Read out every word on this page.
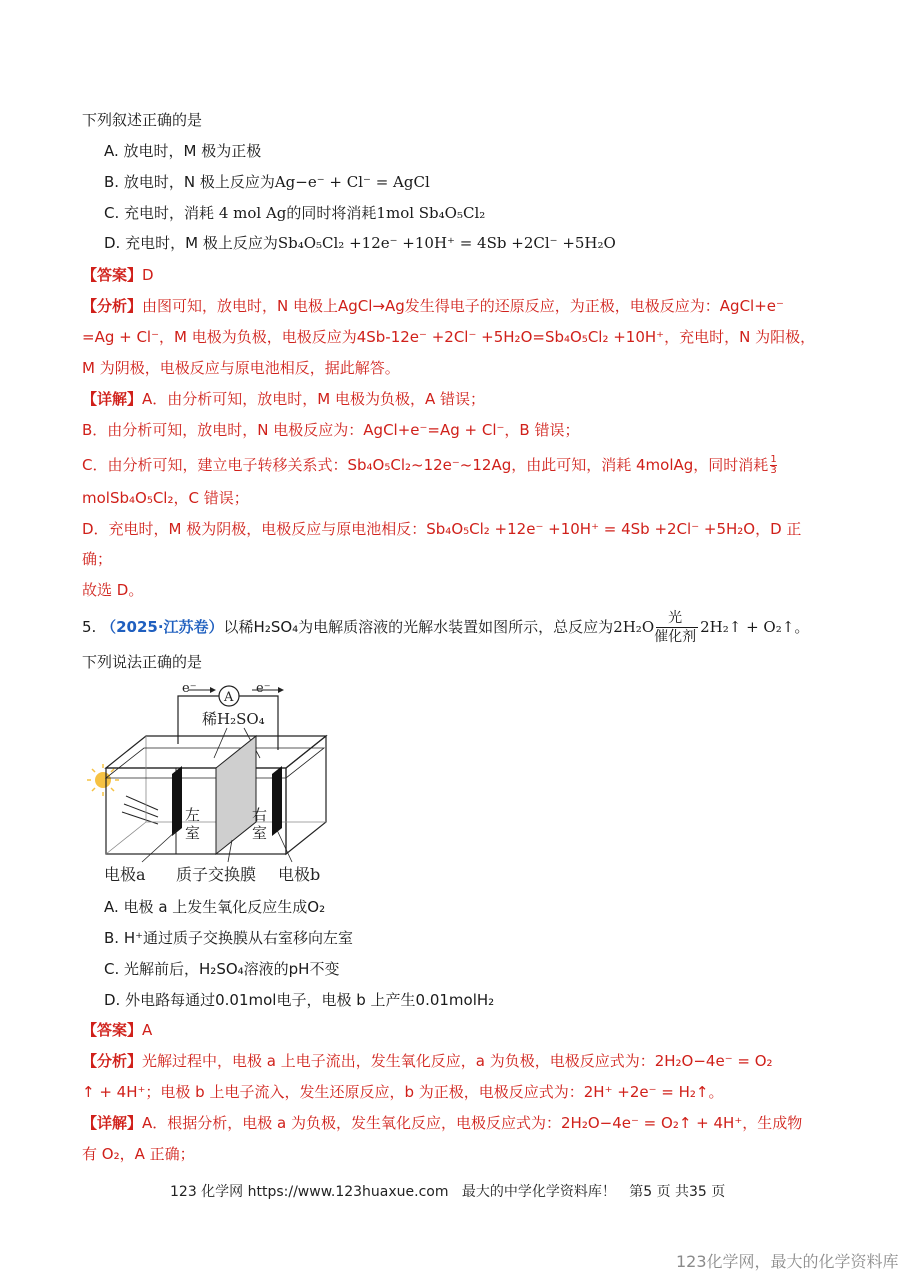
下列叙述正确的是
A. 放电时，M 极为正极
B. 放电时，N 极上反应为Ag−e⁻ + Cl⁻ = AgCl
C. 充电时，消耗 4 mol Ag的同时将消耗1mol Sb₄O₅Cl₂
D. 充电时，M 极上反应为Sb₄O₅Cl₂ +12e⁻ +10H⁺ = 4Sb +2Cl⁻ +5H₂O
【答案】D
【分析】由图可知，放电时，N 电极上AgCl→Ag发生得电子的还原反应，为正极，电极反应为：AgCl+e⁻
=Ag + Cl⁻，M 电极为负极，电极反应为4Sb-12e⁻ +2Cl⁻ +5H₂O=Sb₄O₅Cl₂ +10H⁺，充电时，N 为阳极，
M 为阴极，电极反应与原电池相反，据此解答。
【详解】A．由分析可知，放电时，M 电极为负极，A 错误；
B．由分析可知，放电时，N 电极反应为：AgCl+e⁻=Ag + Cl⁻，B 错误；
C．由分析可知，建立电子转移关系式：Sb₄O₅Cl₂~12e⁻~12Ag，由此可知，消耗 4molAg，同时消耗 $\frac{1}{3}$
molSb₄O₅Cl₂，C 错误；
D．充电时，M 极为阴极，电极反应与原电池相反：Sb₄O₅Cl₂ +12e⁻ +10H⁺ = 4Sb +2Cl⁻ +5H₂O，D 正
确；
故选 D。
5. （2025·江苏卷）以稀H₂SO₄为电解质溶液的光解水装置如图所示，总反应为2H₂O 光
催化剂
2H₂↑ + O₂↑。
下列说法正确的是
e⁻	e⁻
A
稀H₂SO₄
左
室
右
室
电极a 质子交换膜 电极b
A. 电极 a 上发生氧化反应生成O₂
B. H⁺通过质子交换膜从右室移向左室
C. 光解前后，H₂SO₄溶液的pH不变
D. 外电路每通过0.01mol电子，电极 b 上产生0.01molH₂
【答案】A
【分析】光解过程中，电极 a 上电子流出，发生氧化反应，a 为负极，电极反应式为：2H₂O−4e⁻ = O₂
↑ + 4H⁺；电极 b 上电子流入，发生还原反应，b 为正极，电极反应式为：2H⁺ +2e⁻ = H₂↑。
【详解】A．根据分析，电极 a 为负极，发生氧化反应，电极反应式为：2H₂O−4e⁻ = O₂↑ + 4H⁺，生成物
有 O₂，A 正确；
123 化学网 https://www.123huaxue.com 最大的中学化学资料库！ 第5 页 共35 页
123化学网，最大的化学资料库
